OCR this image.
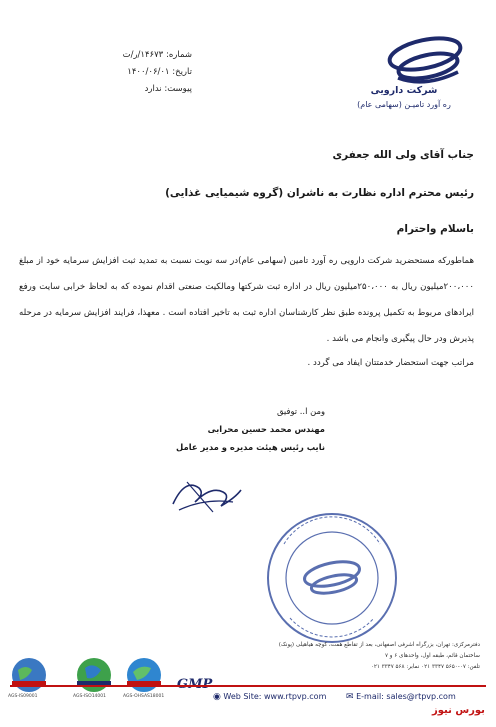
شماره: ۱۴۶۷۳/ر/ت
تاریخ: ۱۴۰۰/۰۶/۰۱
پیوست: ندارد	شرکت دارویی
ره آورد تامیـن (سهامی عام)
جناب آقای ولی الله جعفری
رئیس محترم اداره نظارت به ناشران (گروه شیمیایی غذایی)
باسلام واحترام
هماطورکه مستحضرید شرکت دارویی ره آورد تامین (سهامی عام)در سه نوبت نسبت به تمدید ثبت افزایش سرمایه خود از مبلغ ۲۰۰،۰۰۰میلیون ریال به ۲۵۰،۰۰۰میلیون ریال در اداره ثبت شرکتها ومالکیت صنعتی اقدام نموده که به لحاظ خرابی سایت ورفع ایرادهای مربوط به تکمیل پرونده طبق نظر کارشناسان اداره ثبت به تاخیر افتاده است . معهذا، فرایند افزایش سرمایه در مرحله پذیرش ودر حال پیگیری وانجام می باشد .
مراتب جهت استحضار خدمتتان ایفاد می گردد .
ومن ا.. توفیق
مهندس محمد حسین محرابی
نایب رئیس هیئت مدیره و مدیر عامل
دفترمرکزی: تهران، بزرگراه اشرفی اصفهانی، بعد از تقاطع همت، کوچه هیاهیلی (پونک)
ساختمان قائم، طبقه اول، واحدهای ۶ و ۷
تلفن: ۰۷-۵۶۵۰ ۳۳۴۷ ۰۲۱ نمابر: ۵۶۸ ۳۳۴۷ ۰۲۱
AGS-IS09001	AGS-ISO14001	AGS-OHSAS18001	◉ Web Site: www.rtpvp.com ✉ E-mail: sales@rtpvp.com
بورس نیوز
